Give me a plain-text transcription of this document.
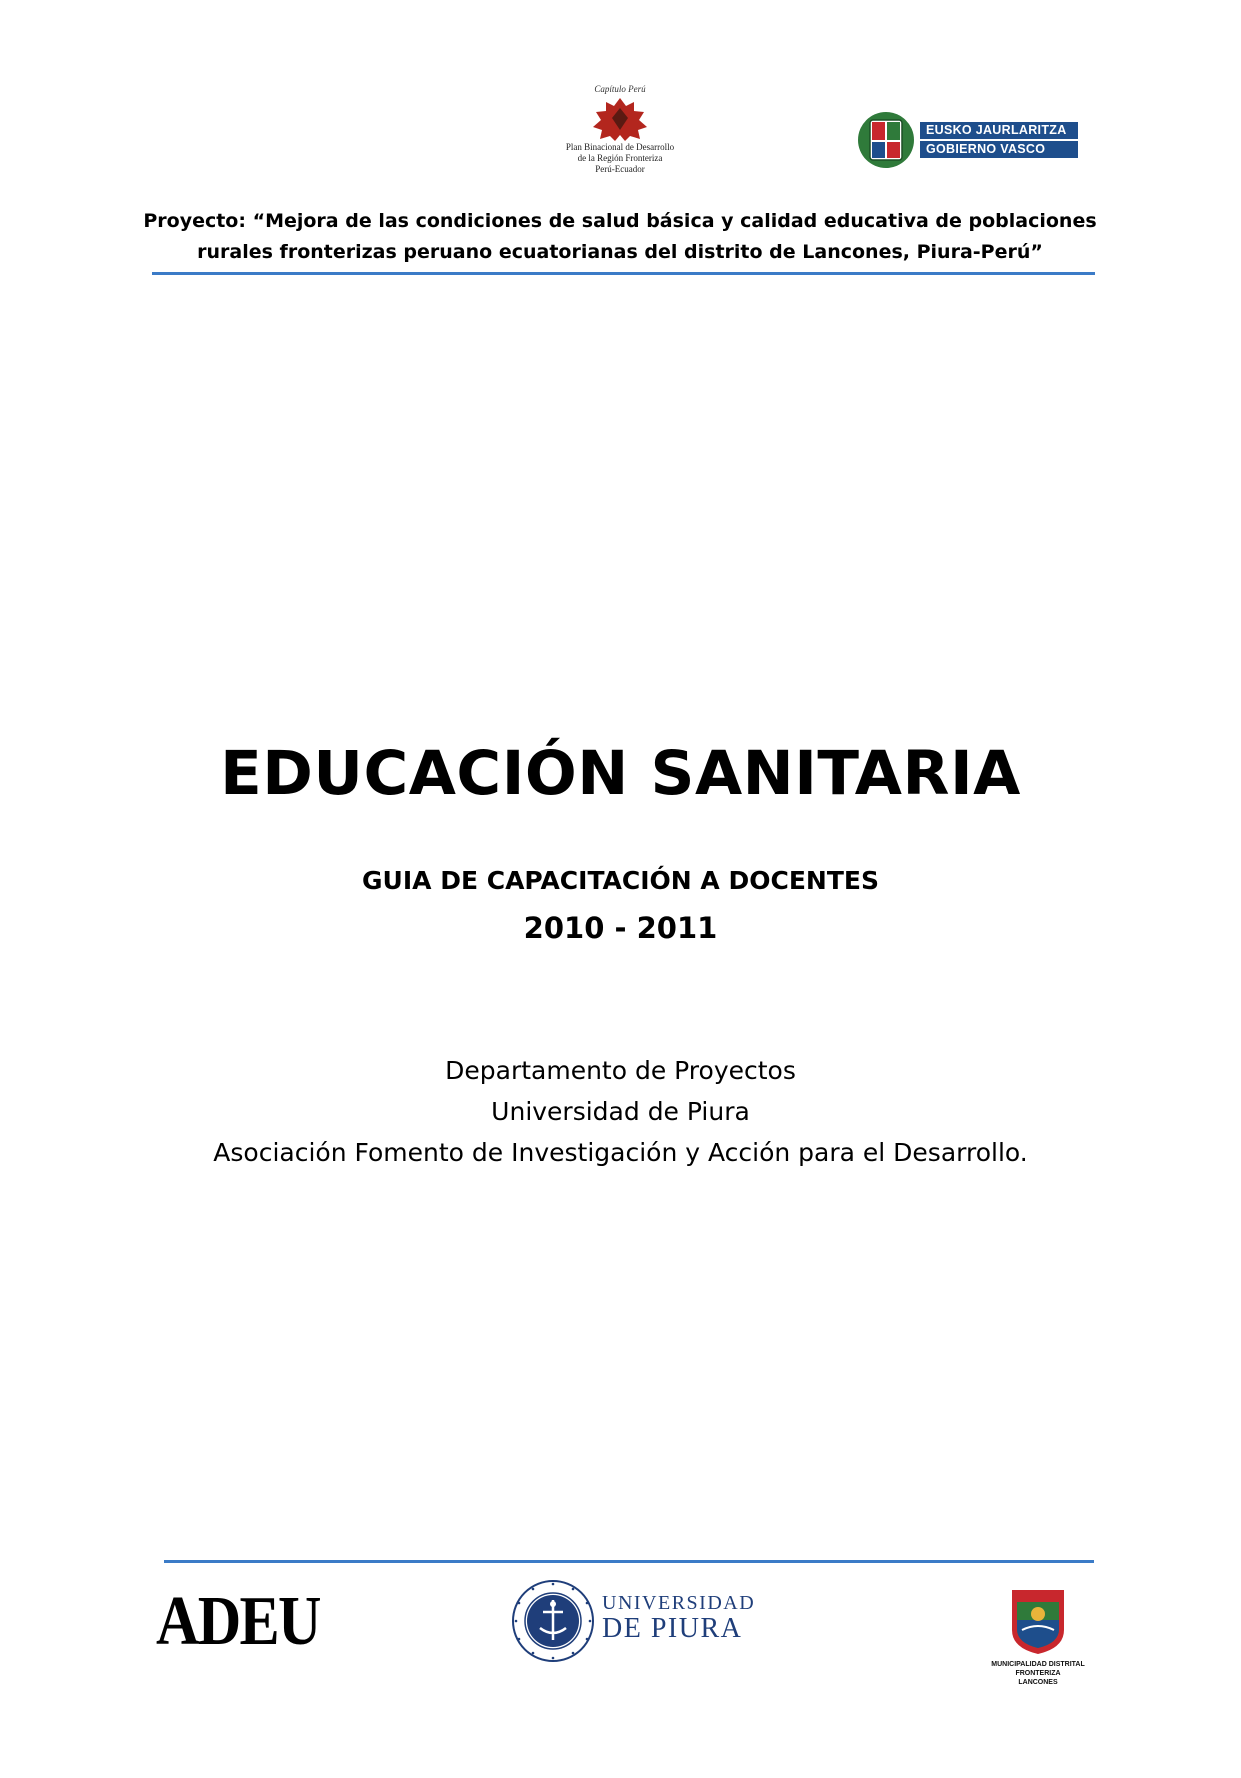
Capítulo Perú
Plan Binacional de Desarrollo
de la Región Fronteriza
Perú-Ecuador
EUSKO JAURLARITZA
GOBIERNO VASCO
Proyecto: “Mejora de las condiciones de salud básica y calidad educativa de poblaciones
rurales fronterizas peruano ecuatorianas del distrito de Lancones, Piura-Perú”
EDUCACIÓN SANITARIA
GUIA DE CAPACITACIÓN A DOCENTES
2010 - 2011
Departamento de Proyectos
Universidad de Piura
Asociación Fomento de Investigación y Acción para el Desarrollo.
ADEU	UNIVERSIDAD
DE PIURA
MUNICIPALIDAD DISTRITAL FRONTERIZA
LANCONES
